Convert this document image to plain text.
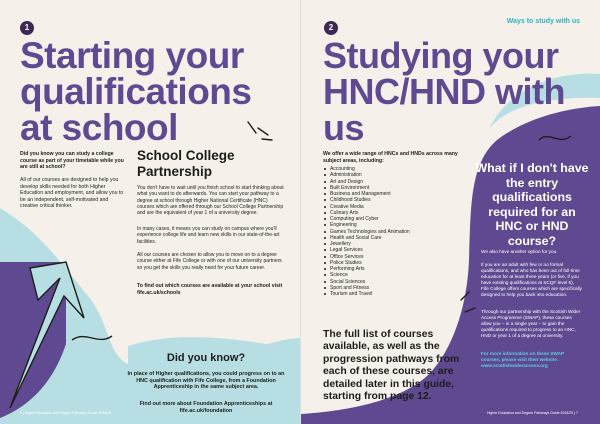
1
Starting your qualifications at school
Did you know you can study a college course as part of your timetable while you are still at school?
All of our courses are designed to help you develop skills needed for both Higher Education and employment, and allow you to be an independent, self-motivated and creative critical thinker.
School College Partnership
You don't have to wait until you finish school to start thinking about what you want to do afterwards. You can start your pathway to a degree at school through Higher National Certificate (HNC) courses which are offered through our School College Partnership and are the equivalent of year 1 of a university degree.
In many cases, it means you can study on campus where you'll experience college life and learn new skills in our state-of-the-art facilities.
All our courses are chosen to allow you to move on to a degree course either at Fife College or with one of our university partners so you get the skills you really need for your future career.
To find out which courses are available at your school visit fife.ac.uk/schools
Did you know?
In place of Higher qualifications, you could progress on to an HNC qualification with Fife College, from a Foundation Apprenticeship in the same subject area.
Find out more about Foundation Apprenticeships at fife.ac.uk/foundation
6 | Higher Education and Degree Pathways Guide 2024/25
Ways to study with us
2
Studying your HNC/HND with us
We offer a wide range of HNCs and HNDs across many subject areas, including:
Accounting
Administration
Art and Design
Built Environment
Business and Management
Childhood Studies
Creative Media
Culinary Arts
Computing and Cyber
Engineering
Games Technologies and Animation
Health and Social Care
Jewellery
Legal Services
Office Services
Police Studies
Performing Arts
Science
Social Sciences
Sport and Fitness
Tourism and Travel
The full list of courses available, as well as the progression pathways from each of these courses, are detailed later in this guide, starting from page 12.
What if I don't have the entry qualifications required for an HNC or HND course?
We also have another option for you.
If you are an adult with few or no formal qualifications, and who has been out of full-time education for at least three years (or five, if you have existing qualifications at SCQF level 5), Fife College offers courses which are specifically designed to help you back into education.
Through our partnership with the Scottish Wider Access Programme (SWAP), these courses allow you – in a single year – to gain the qualifications required to progress to an HNC, HND or year 1 of a degree at university.
For more information on these SWAP courses, please visit their website: www.scottishwideraccess.org
Higher Education and Degree Pathways Guide 2024/25 | 7
